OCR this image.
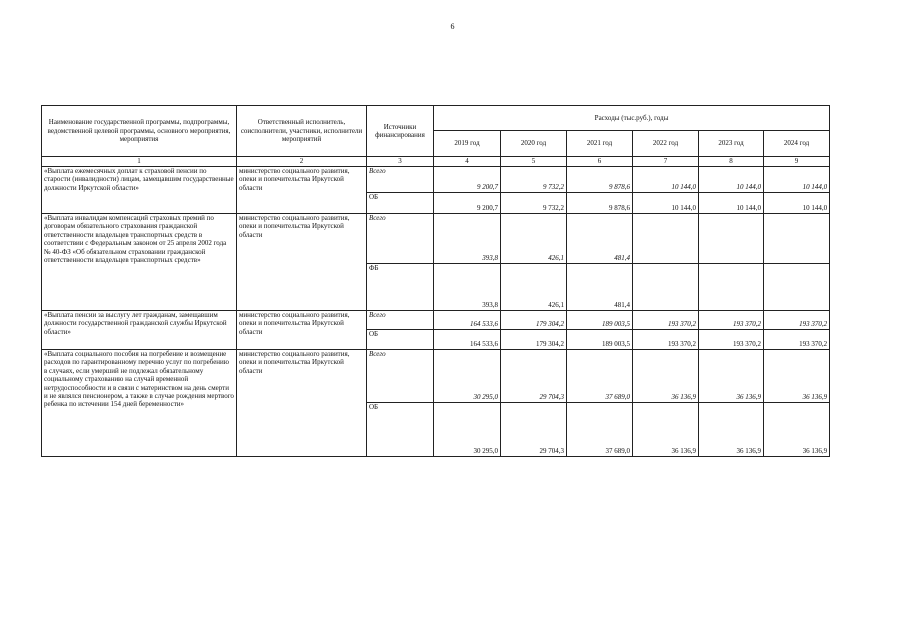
6
Наименование государственной программы, подпрограммы, ведомственной целевой программы, основного мероприятия, мероприятия	Ответственный исполнитель, соисполнители, участники, исполнители мероприятий	Источники финансирования	Расходы (тыс.руб.), годы					
			2019 год	2020 год	2021 год	2022 год	2023 год	2024 год
1	2	3	4	5	6	7	8	9
«Выплата ежемесячных доплат к страховой пенсии по старости (инвалидности) лицам, замещавшим государственные должности Иркутской области»	министерство социального развития, опеки и попечительства Иркутской области	Всего	9 200,7	9 732,2	9 878,6	10 144,0	10 144,0	10 144,0
		ОБ	9 200,7	9 732,2	9 878,6	10 144,0	10 144,0	10 144,0
«Выплата инвалидам компенсаций страховых премий по договорам обязательного страхования гражданской ответственности владельцев транспортных средств в соответствии с Федеральным законом от 25 апреля 2002 года № 40-ФЗ «Об обязательном страховании гражданской ответственности владельцев транспортных средств»	министерство социального развития, опеки и попечительства Иркутской области	Всего	393,8	426,1	481,4			
		ФБ	393,8	426,1	481,4			
«Выплата пенсии за выслугу лет гражданам, замещавшим должности государственной гражданской службы Иркутской области»	министерство социального развития, опеки и попечительства Иркутской области	Всего	164 533,6	179 304,2	189 003,5	193 370,2	193 370,2	193 370,2
		ОБ	164 533,6	179 304,2	189 003,5	193 370,2	193 370,2	193 370,2
«Выплата социального пособия на погребение и возмещение расходов по гарантированному перечню услуг по погребению в случаях, если умерший не подлежал обязательному социальному страхованию на случай временной нетрудоспособности и в связи с материнством на день смерти и не являлся пенсионером, а также в случае рождения мертвого ребенка по истечении 154 дней беременности»	министерство социального развития, опеки и попечительства Иркутской области	Всего	30 295,0	29 704,3	37 689,0	36 136,9	36 136,9	36 136,9
		ОБ	30 295,0	29 704,3	37 689,0	36 136,9	36 136,9	36 136,9
